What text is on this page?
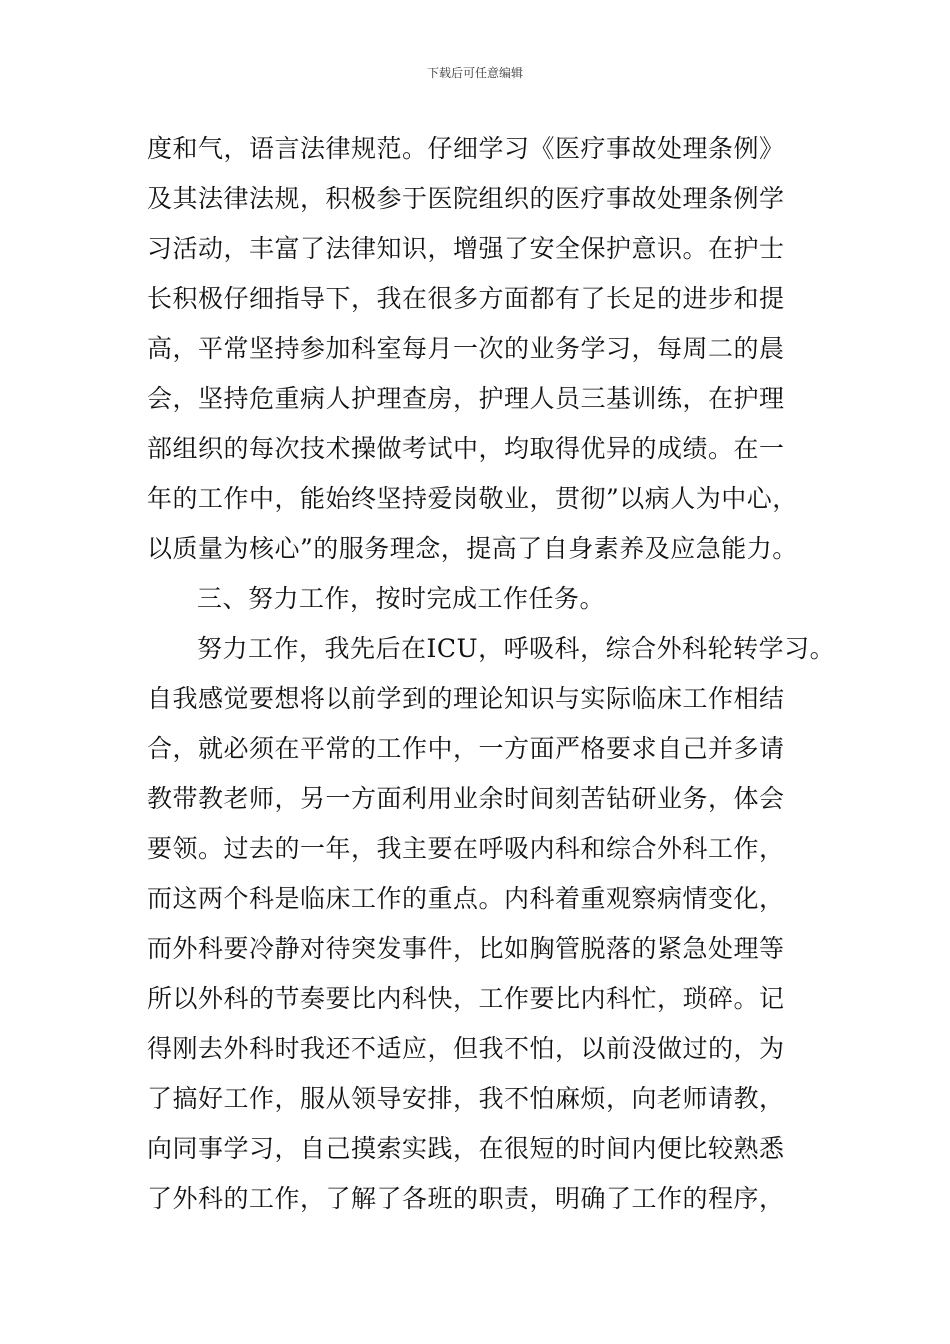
下载后可任意编辑
度和气，语言法律规范。仔细学习《医疗事故处理条例》
及其法律法规，积极参于医院组织的医疗事故处理条例学
习活动，丰富了法律知识，增强了安全保护意识。在护士
长积极仔细指导下，我在很多方面都有了长足的进步和提
高，平常坚持参加科室每月一次的业务学习，每周二的晨
会，坚持危重病人护理查房，护理人员三基训练，在护理
部组织的每次技术操做考试中，均取得优异的成绩。在一
年的工作中，能始终坚持爱岗敬业，贯彻”以病人为中心，
以质量为核心”的服务理念，提高了自身素养及应急能力。
三、努力工作，按时完成工作任务。
努力工作，我先后在ICU，呼吸科，综合外科轮转学习。
自我感觉要想将以前学到的理论知识与实际临床工作相结
合，就必须在平常的工作中，一方面严格要求自己并多请
教带教老师，另一方面利用业余时间刻苦钻研业务，体会
要领。过去的一年，我主要在呼吸内科和综合外科工作，
而这两个科是临床工作的重点。内科着重观察病情变化，
而外科要冷静对待突发事件，比如胸管脱落的紧急处理等
所以外科的节奏要比内科快，工作要比内科忙，琐碎。记
得刚去外科时我还不适应，但我不怕，以前没做过的，为
了搞好工作，服从领导安排，我不怕麻烦，向老师请教，
向同事学习，自己摸索实践，在很短的时间内便比较熟悉
了外科的工作，了解了各班的职责，明确了工作的程序，
